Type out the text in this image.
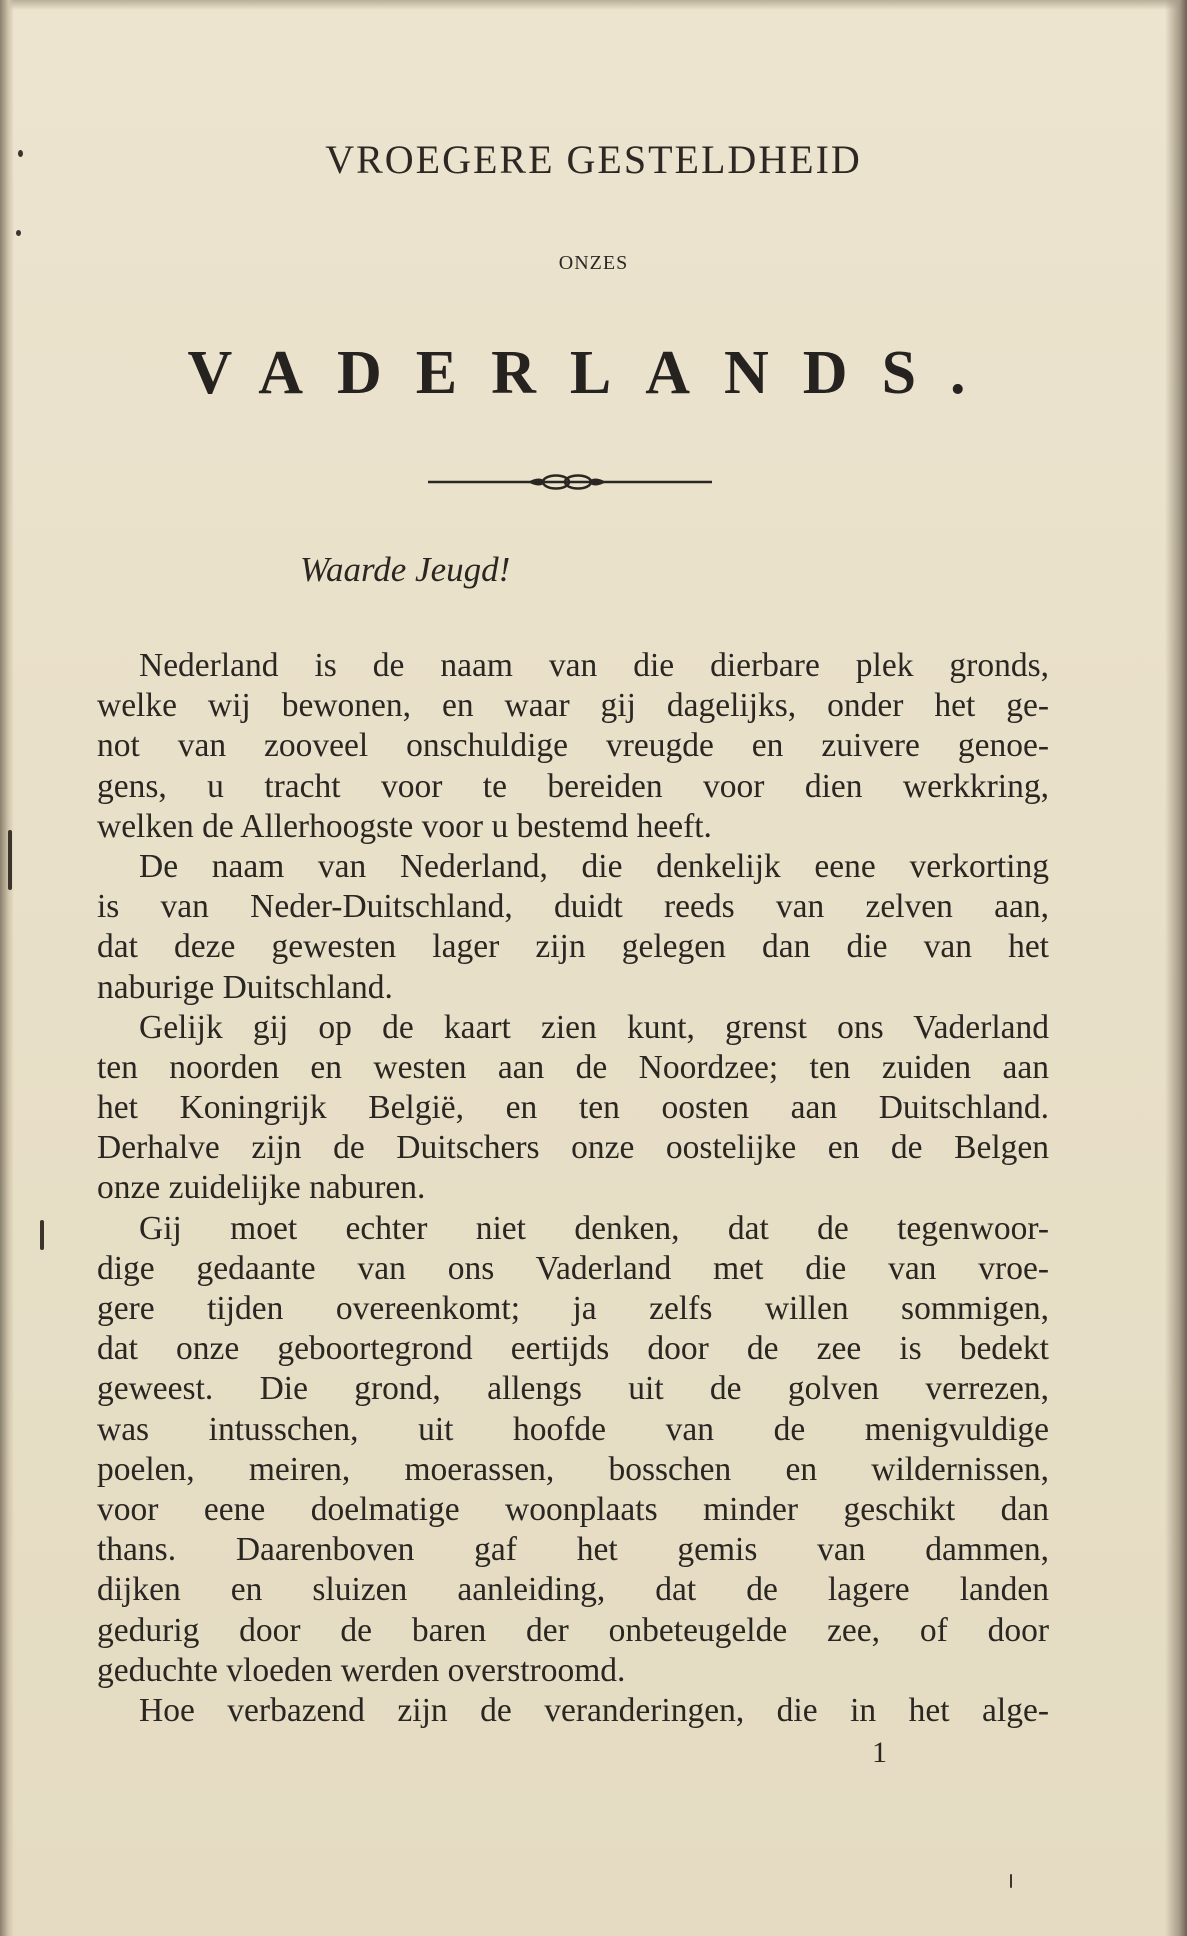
VROEGERE GESTELDHEID
ONZES
VADERLANDS.
Waarde Jeugd!
Nederland is de naam van die dierbare plek gronds,
welke wij bewonen, en waar gij dagelijks, onder het ge-
not van zooveel onschuldige vreugde en zuivere genoe-
gens, u tracht voor te bereiden voor dien werkkring,
welken de Allerhoogste voor u bestemd heeft.
De naam van Nederland, die denkelijk eene verkorting
is van Neder-Duitschland, duidt reeds van zelven aan,
dat deze gewesten lager zijn gelegen dan die van het
naburige Duitschland.
Gelijk gij op de kaart zien kunt, grenst ons Vaderland
ten noorden en westen aan de Noordzee; ten zuiden aan
het Koningrijk België, en ten oosten aan Duitschland.
Derhalve zijn de Duitschers onze oostelijke en de Belgen
onze zuidelijke naburen.
Gij moet echter niet denken, dat de tegenwoor-
dige gedaante van ons Vaderland met die van vroe-
gere tijden overeenkomt; ja zelfs willen sommigen,
dat onze geboortegrond eertijds door de zee is bedekt
geweest. Die grond, allengs uit de golven verrezen,
was intusschen, uit hoofde van de menigvuldige
poelen, meiren, moerassen, bosschen en wildernissen,
voor eene doelmatige woonplaats minder geschikt dan
thans. Daarenboven gaf het gemis van dammen,
dijken en sluizen aanleiding, dat de lagere landen
gedurig door de baren der onbeteugelde zee, of door
geduchte vloeden werden overstroomd.
Hoe verbazend zijn de veranderingen, die in het alge-
1
